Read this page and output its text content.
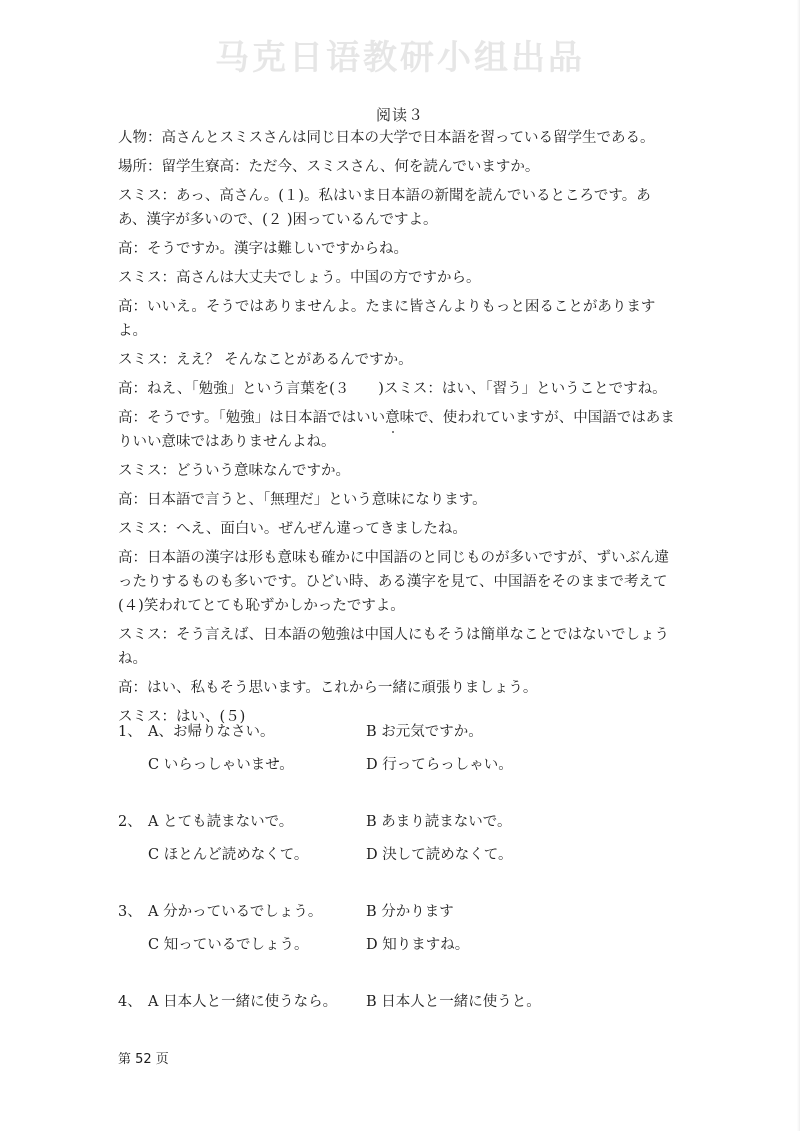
马克日语教研小组出品
阅读３

人物：高さんとスミスさんは同じ日本の大学で日本語を習っている留学生である。

場所：留学生寮高：ただ今、スミスさん、何を読んでいますか。

スミス：あっ、高さん。(１)。私はいま日本語の新聞を読んでいるところです。ああ、漢字が多いので、(２ )困っているんですよ。

高：そうですか。漢字は難しいですからね。

スミス：高さんは大丈夫でしょう。中国の方ですから。

高：いいえ。そうではありませんよ。たまに皆さんよりもっと困ることがありますよ。

スミス：ええ？ そんなことがあるんですか。

高：ねえ、「勉強」という言葉を(３　　)スミス：はい、「習う」ということですね。

高：そうです。「勉強」は日本語ではいい意味で、使われていますが、中国語ではあまりいい意味ではありませんよね。

スミス：どういう意味なんですか。

高：日本語で言うと、「無理だ」という意味になります。

スミス：へえ、面白い。ぜんぜん違ってきましたね。

高：日本語の漢字は形も意味も確かに中国語のと同じものが多いですが、ずいぶん違ったりするものも多いです。ひどい時、ある漢字を見て、中国語をそのままで考えて(４)笑われてとても恥ずかしかったですよ。

スミス：そう言えば、日本語の勉強は中国人にもそうは簡単なことではないでしょうね。

高：はい、私もそう思います。これから一緒に頑張りましょう。

スミス：はい、(５)

1、 A、お帰りなさい。	B お元気ですか。
C いらっしゃいませ。	D 行ってらっしゃい。
2、 A とても読まないで。	B あまり読まないで。
C ほとんど読めなくて。	D 決して読めなくて。
3、 A 分かっているでしょう。	B 分かります
C 知っているでしょう。	D 知りますね。
4、 A 日本人と一緒に使うなら。 B 日本人と一緒に使うと。
第 52 页
